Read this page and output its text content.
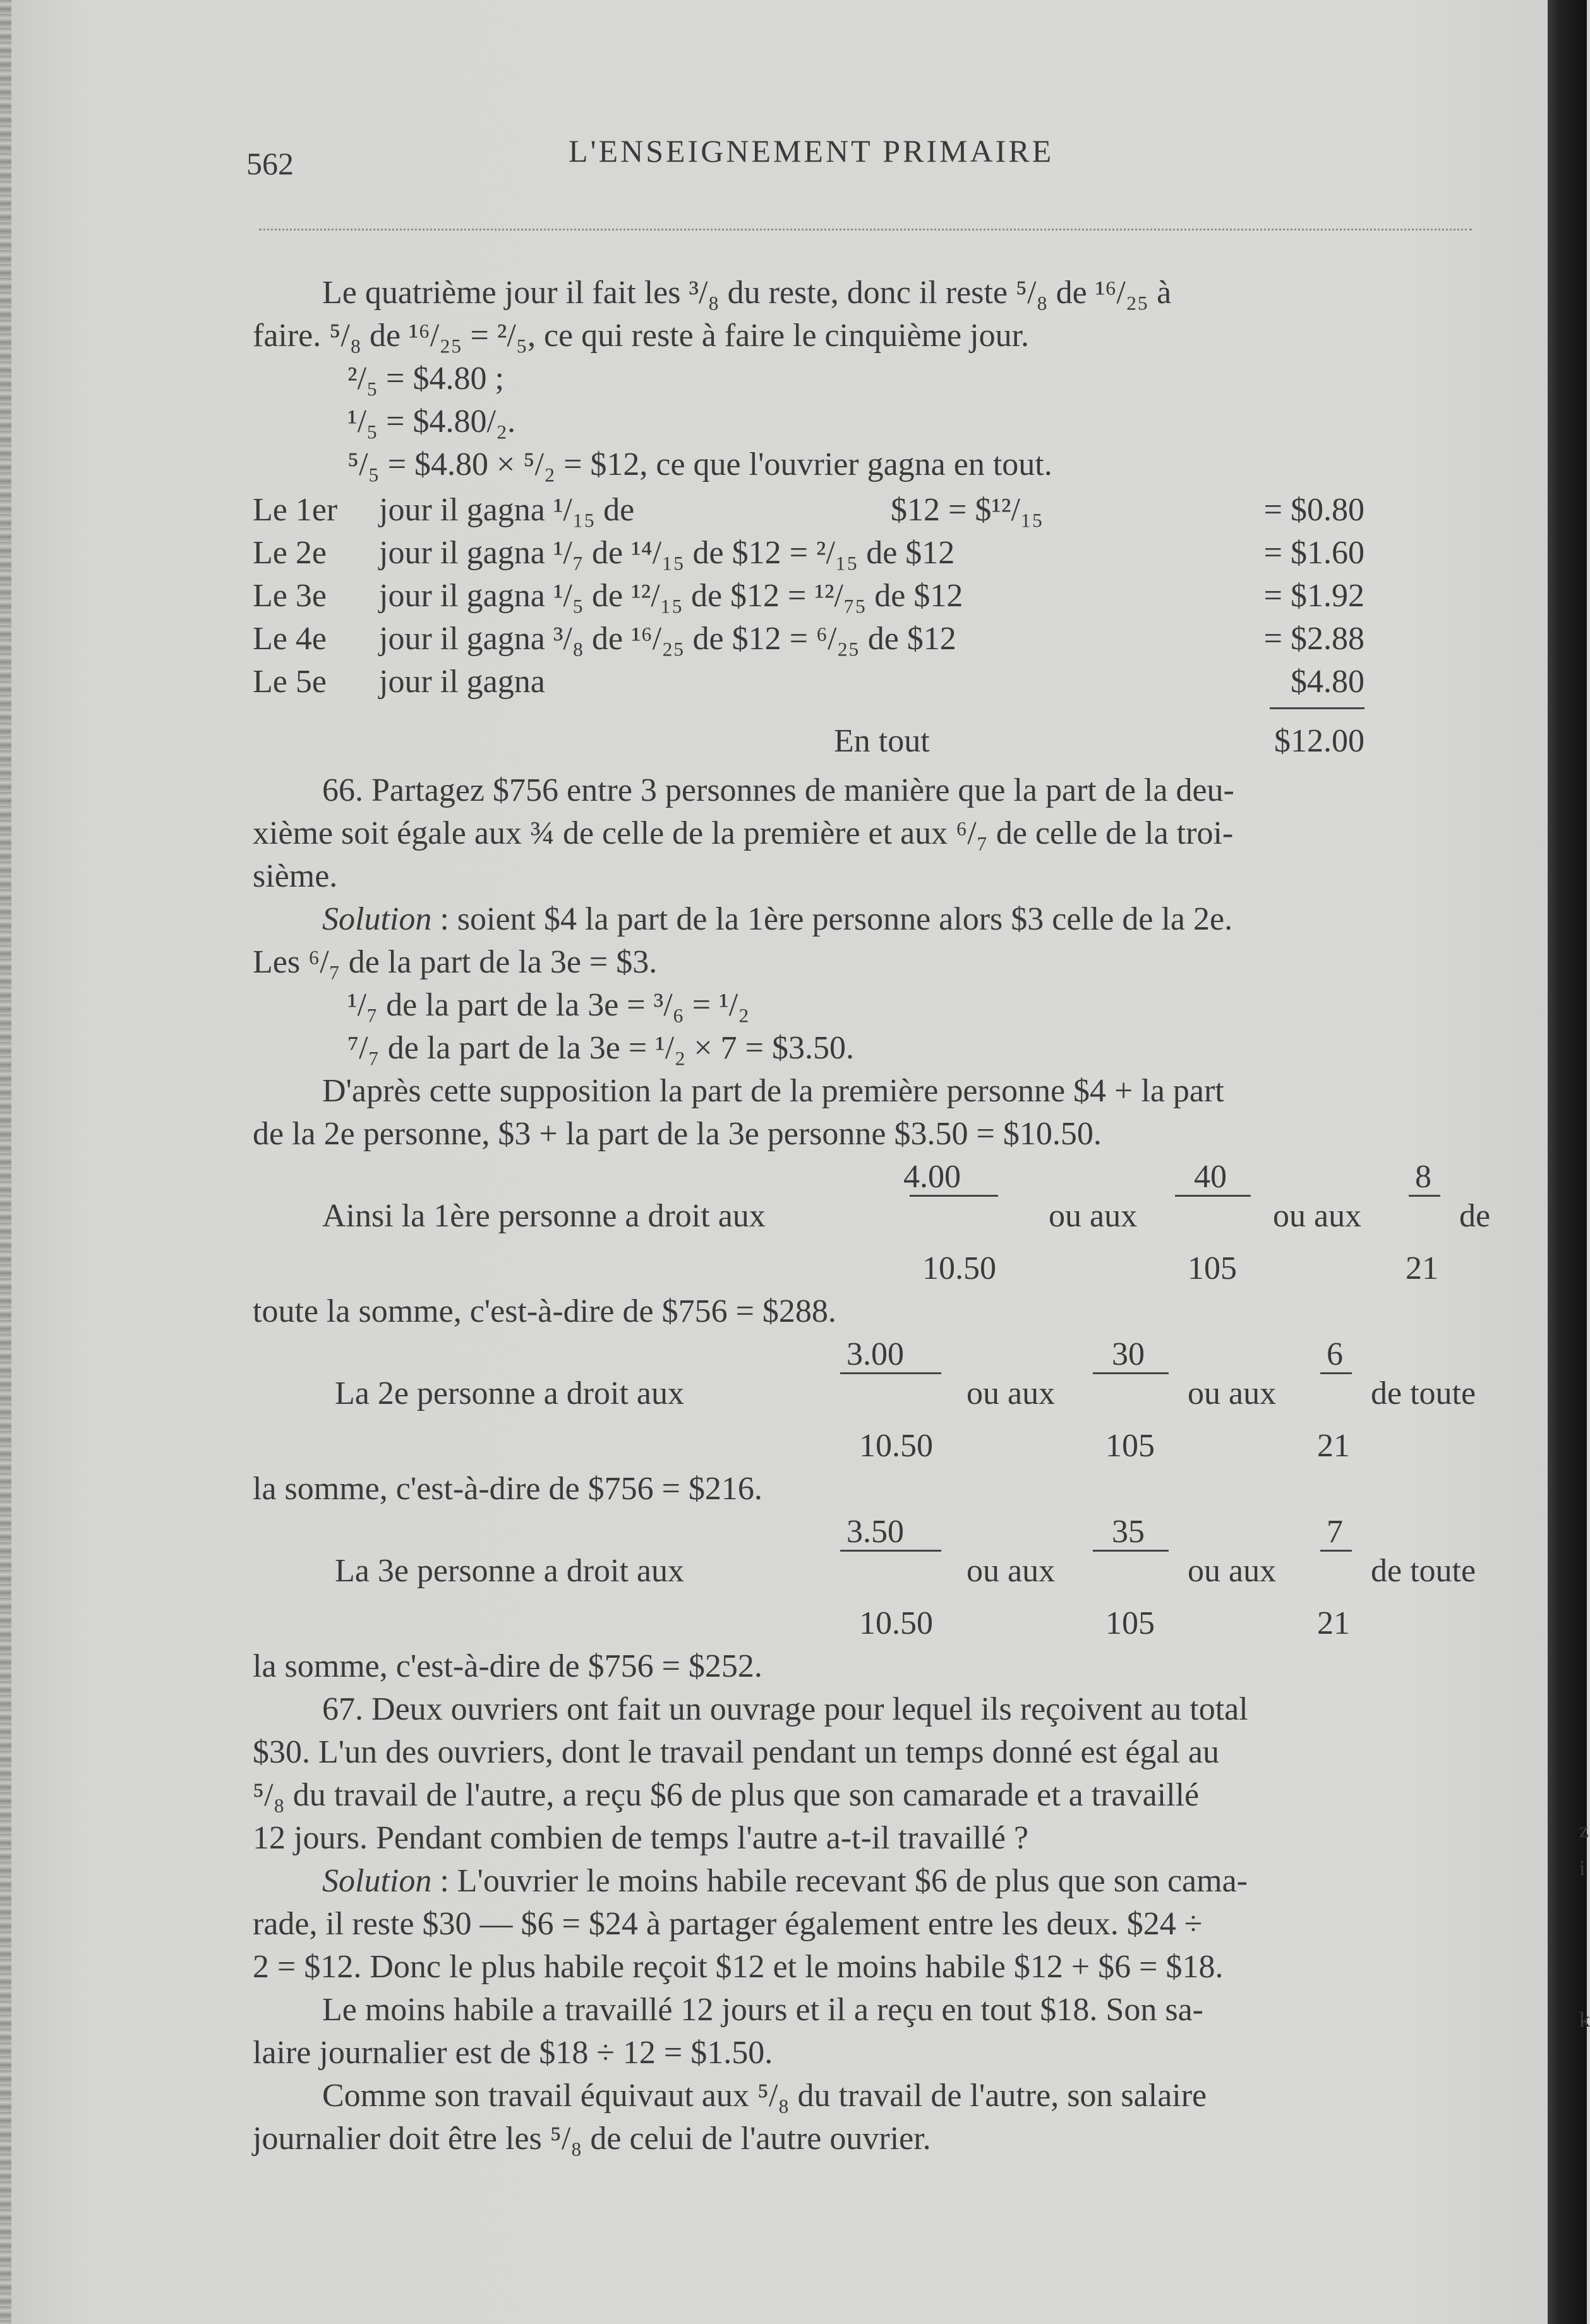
z
i
k
562	L'ENSEIGNEMENT PRIMAIRE
Le quatrième jour il fait les ³/₈ du reste, donc il reste ⁵/₈ de ¹⁶/₂₅ à
faire. ⁵/₈ de ¹⁶/₂₅ = ²/₅, ce qui reste à faire le cinquième jour.
²/₅ = $4.80 ;
¹/₅ = $4.80/₂.
⁵/₅ = $4.80 × ⁵/₂ = $12, ce que l'ouvrier gagna en tout.
Le 1er jour il gagna ¹/₁₅ de	$12 = $¹²/₁₅	= $0.80
Le 2e jour il gagna ¹/₇ de ¹⁴/₁₅ de $12 = ²/₁₅ de $12	= $1.60
Le 3e jour il gagna ¹/₅ de ¹²/₁₅ de $12 = ¹²/₇₅ de $12	= $1.92
Le 4e jour il gagna ³/₈ de ¹⁶/₂₅ de $12 = ⁶/₂₅ de $12	= $2.88
Le 5e jour il gagna	$4.80
En tout	$12.00
66. Partagez $756 entre 3 personnes de manière que la part de la deu-
xième soit égale aux ¾ de celle de la première et aux ⁶/₇ de celle de la troi-
sième.
Solution : soient $4 la part de la 1ère personne alors $3 celle de la 2e.
Les ⁶/₇ de la part de la 3e = $3.
¹/₇ de la part de la 3e = ³/₆ = ¹/₂
⁷/₇ de la part de la 3e = ¹/₂ × 7 = $3.50.
D'après cette supposition la part de la première personne $4 + la part
de la 2e personne, $3 + la part de la 3e personne $3.50 = $10.50.
4.00	40	8
Ainsi la 1ère personne a droit aux	ou aux	ou aux	de
10.50	105	21
toute la somme, c'est-à-dire de $756 = $288.
3.00	30	6
La 2e personne a droit aux	ou aux	ou aux	de toute
10.50	105	21
la somme, c'est-à-dire de $756 = $216.
3.50	35	7
La 3e personne a droit aux	ou aux	ou aux	de toute
10.50	105	21
la somme, c'est-à-dire de $756 = $252.
67. Deux ouvriers ont fait un ouvrage pour lequel ils reçoivent au total
$30. L'un des ouvriers, dont le travail pendant un temps donné est égal au
⁵/₈ du travail de l'autre, a reçu $6 de plus que son camarade et a travaillé
12 jours. Pendant combien de temps l'autre a-t-il travaillé ?
Solution : L'ouvrier le moins habile recevant $6 de plus que son cama-
rade, il reste $30 — $6 = $24 à partager également entre les deux. $24 ÷
2 = $12. Donc le plus habile reçoit $12 et le moins habile $12 + $6 = $18.
Le moins habile a travaillé 12 jours et il a reçu en tout $18. Son sa-
laire journalier est de $18 ÷ 12 = $1.50.
Comme son travail équivaut aux ⁵/₈ du travail de l'autre, son salaire
journalier doit être les ⁵/₈ de celui de l'autre ouvrier.
